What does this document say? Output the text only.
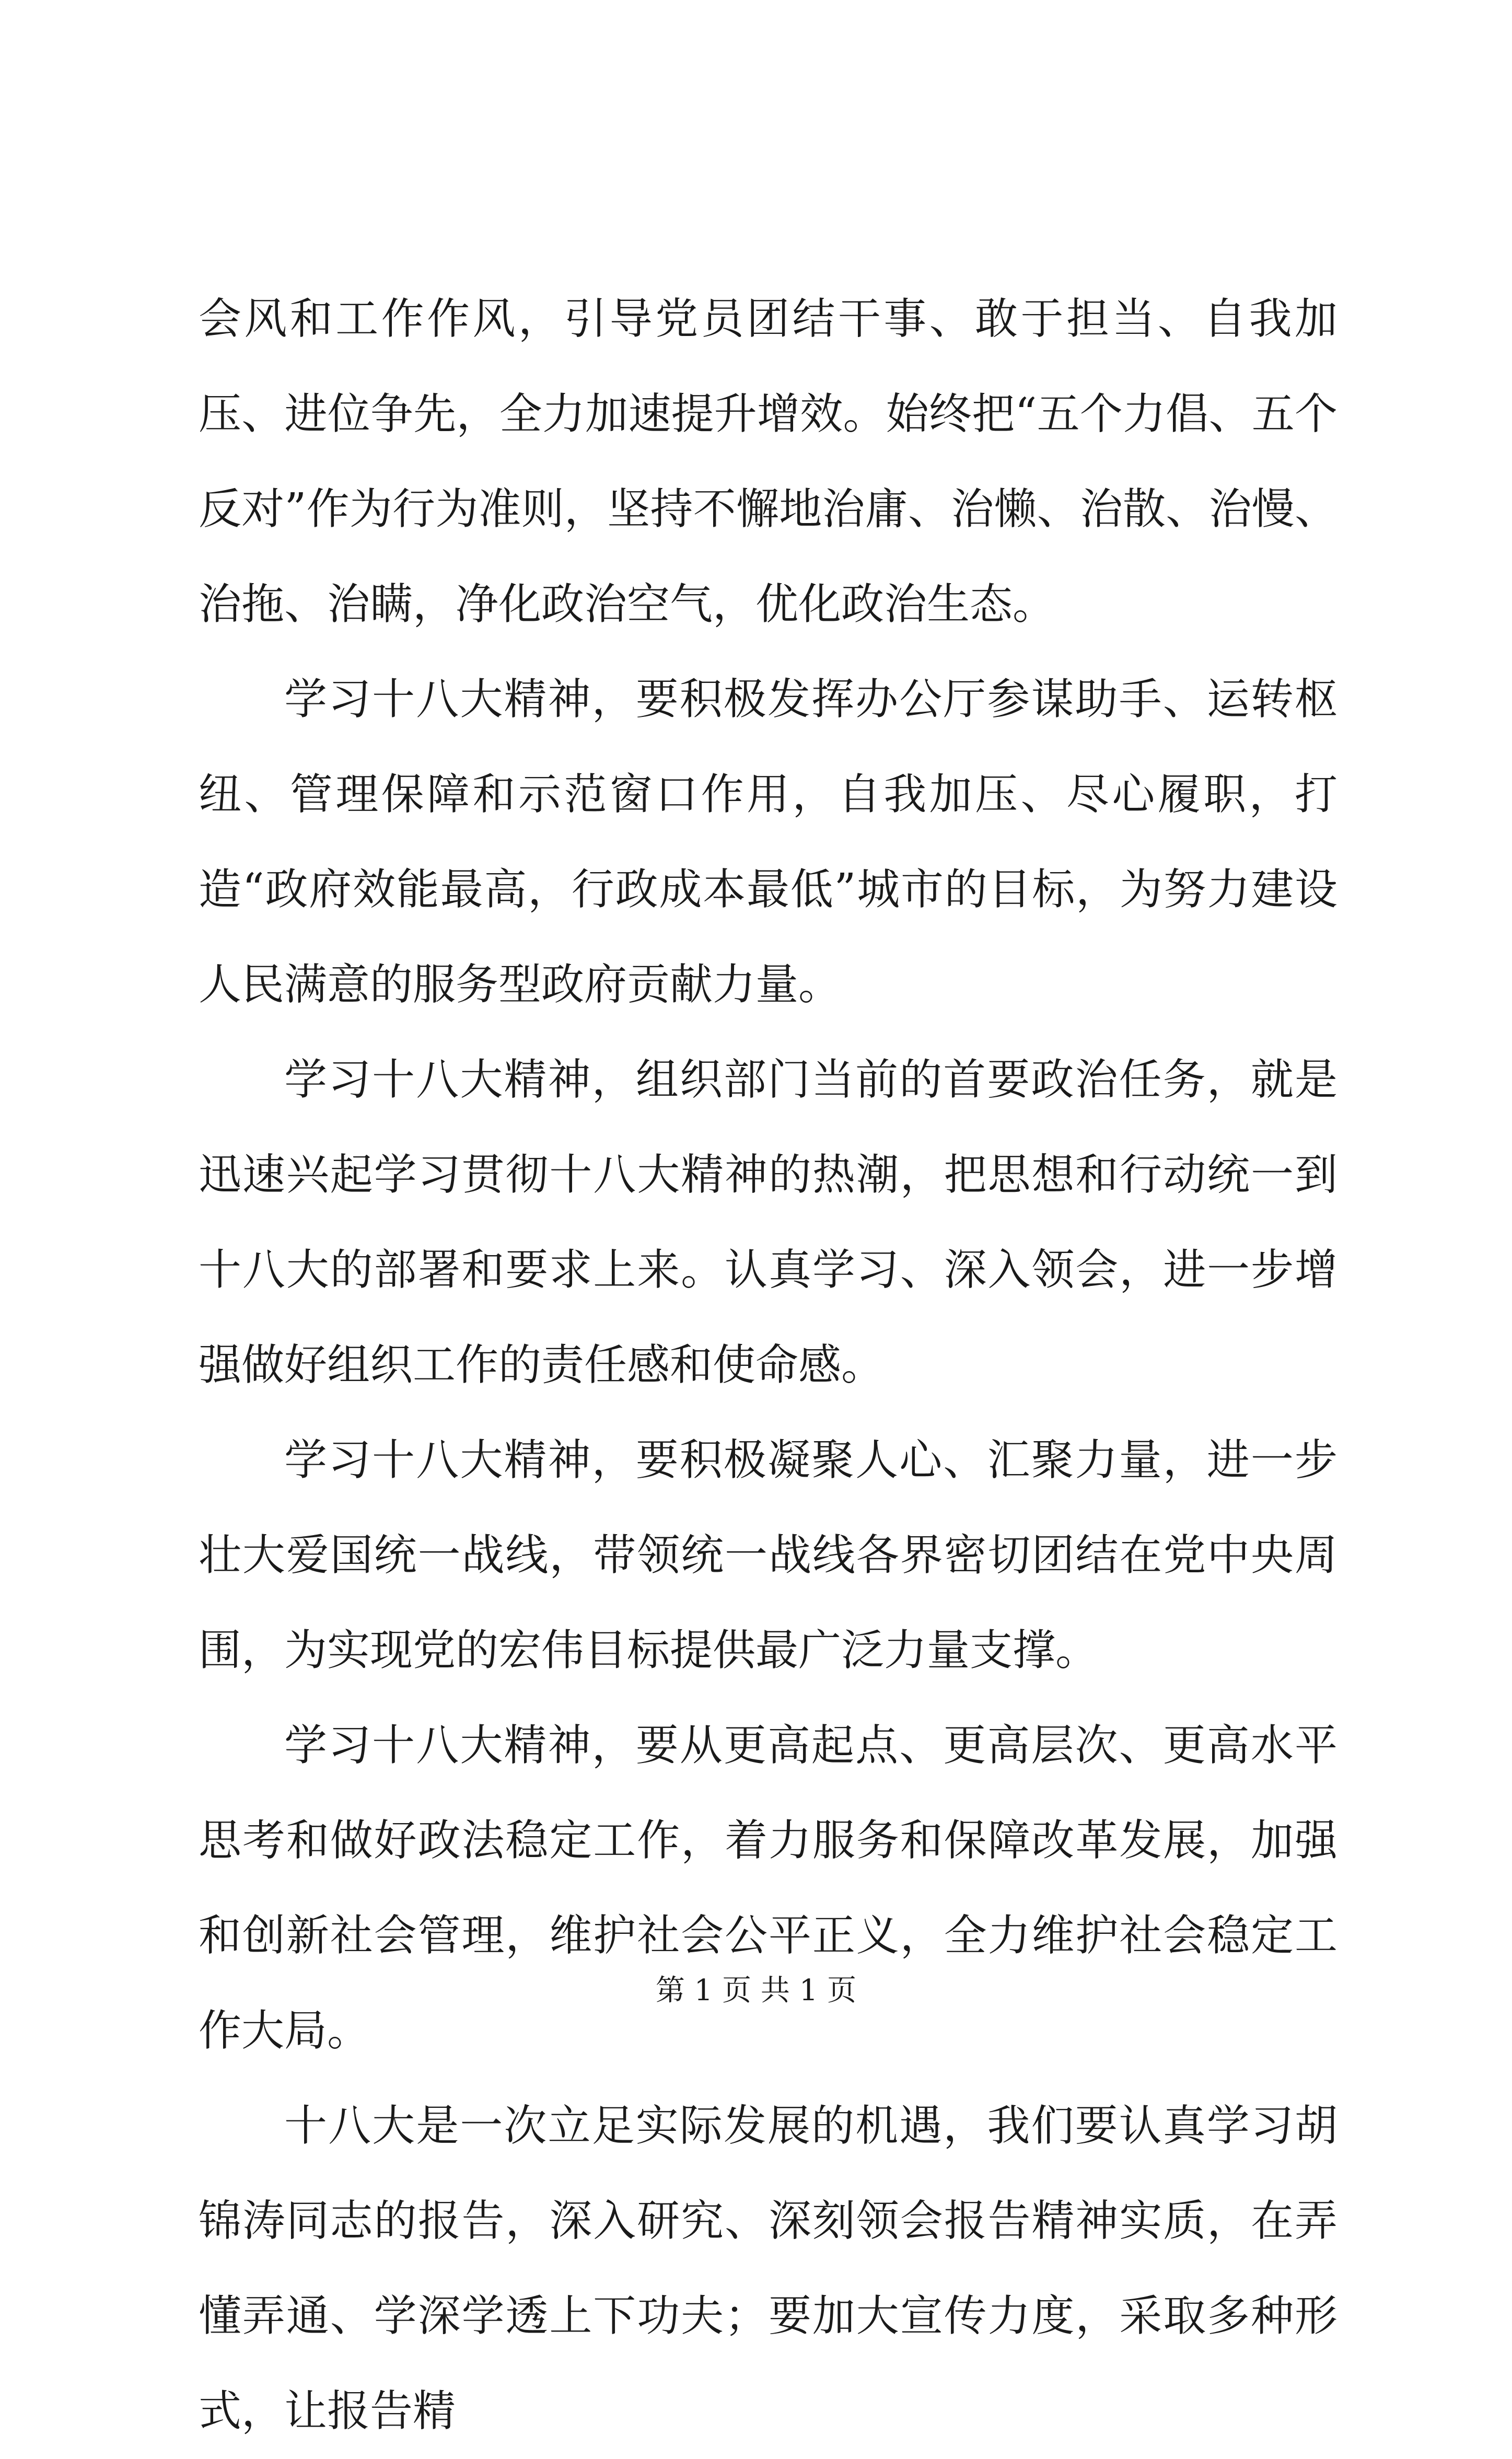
会风和工作作风，引导党员团结干事、敢于担当、自我加压、进位争先，全力加速提升增效。始终把“五个力倡、五个反对”作为行为准则，坚持不懈地治庸、治懒、治散、治慢、治拖、治瞒，净化政治空气，优化政治生态。

学习十八大精神，要积极发挥办公厅参谋助手、运转枢纽、管理保障和示范窗口作用，自我加压、尽心履职，打造“政府效能最高，行政成本最低”城市的目标，为努力建设人民满意的服务型政府贡献力量。

学习十八大精神，组织部门当前的首要政治任务，就是迅速兴起学习贯彻十八大精神的热潮，把思想和行动统一到十八大的部署和要求上来。认真学习、深入领会，进一步增强做好组织工作的责任感和使命感。

学习十八大精神，要积极凝聚人心、汇聚力量，进一步壮大爱国统一战线，带领统一战线各界密切团结在党中央周围，为实现党的宏伟目标提供最广泛力量支撑。

学习十八大精神，要从更高起点、更高层次、更高水平思考和做好政法稳定工作，着力服务和保障改革发展，加强和创新社会管理，维护社会公平正义，全力维护社会稳定工作大局。

十八大是一次立足实际发展的机遇，我们要认真学习胡锦涛同志的报告，深入研究、深刻领会报告精神实质，在弄懂弄通、学深学透上下功夫；要加大宣传力度，采取多种形式，让报告精

第 1 页 共 1 页
